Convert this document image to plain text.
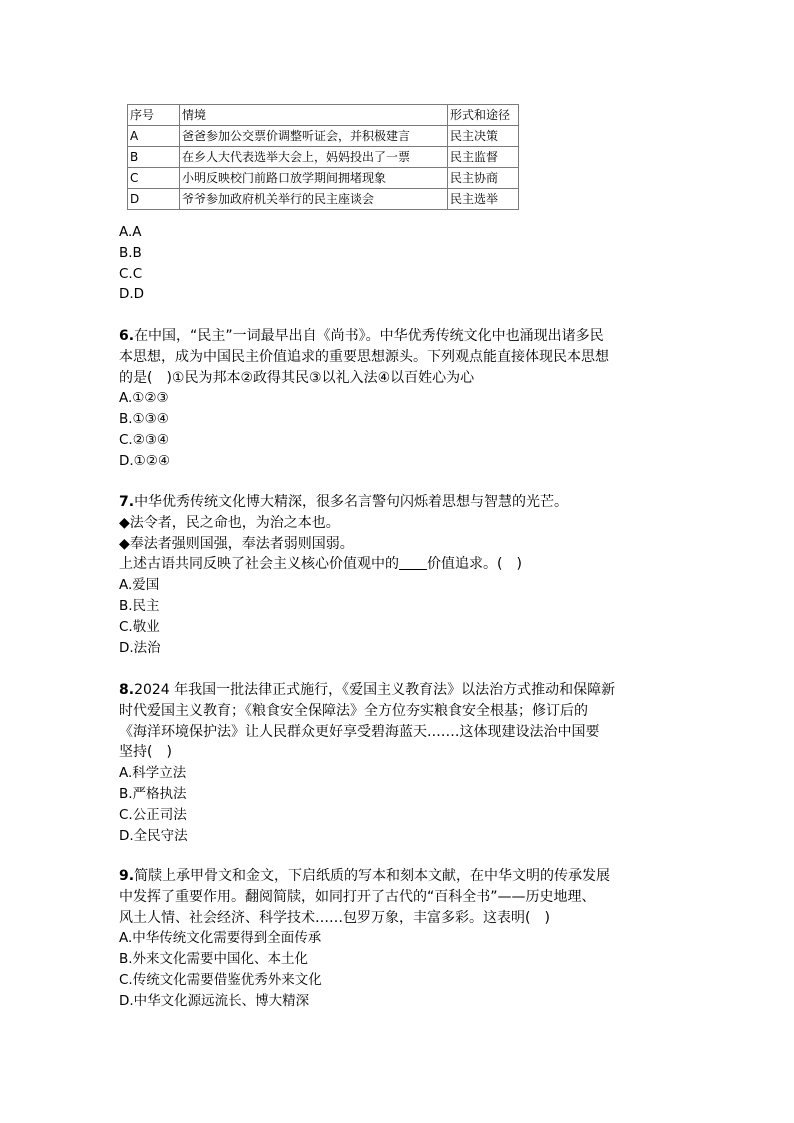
序号	情境	形式和途径
A	爸爸参加公交票价调整听证会，并积极建言	民主决策
B	在乡人大代表选举大会上，妈妈投出了一票	民主监督
C	小明反映校门前路口放学期间拥堵现象	民主协商
D	爷爷参加政府机关举行的民主座谈会	民主选举
A.A
B.B
C.C
D.D
6.在中国，“民主”一词最早出自《尚书》。中华优秀传统文化中也涌现出诸多民
本思想，成为中国民主价值追求的重要思想源头。下列观点能直接体现民本思想
的是(　)①民为邦本②政得其民③以礼入法④以百姓心为心
A.①②③
B.①③④
C.②③④
D.①②④
7.中华优秀传统文化博大精深，很多名言警句闪烁着思想与智慧的光芒。
◆法令者，民之命也，为治之本也。
◆奉法者强则国强，奉法者弱则国弱。
上述古语共同反映了社会主义核心价值观中的 价值追求。(　)
A.爱国
B.民主
C.敬业
D.法治
8.2024 年我国一批法律正式施行，《爱国主义教育法》以法治方式推动和保障新
时代爱国主义教育；《粮食安全保障法》全方位夯实粮食安全根基；修订后的
《海洋环境保护法》让人民群众更好享受碧海蓝天.……这体现建设法治中国要
坚持(　)
A.科学立法
B.严格执法
C.公正司法
D.全民守法
9.简牍上承甲骨文和金文，下启纸质的写本和刻本文献，在中华文明的传承发展
中发挥了重要作用。翻阅简牍，如同打开了古代的“百科全书”——历史地理、
风土人情、社会经济、科学技术……包罗万象，丰富多彩。这表明(　)
A.中华传统文化需要得到全面传承
B.外来文化需要中国化、本土化
C.传统文化需要借鉴优秀外来文化
D.中华文化源远流长、博大精深
